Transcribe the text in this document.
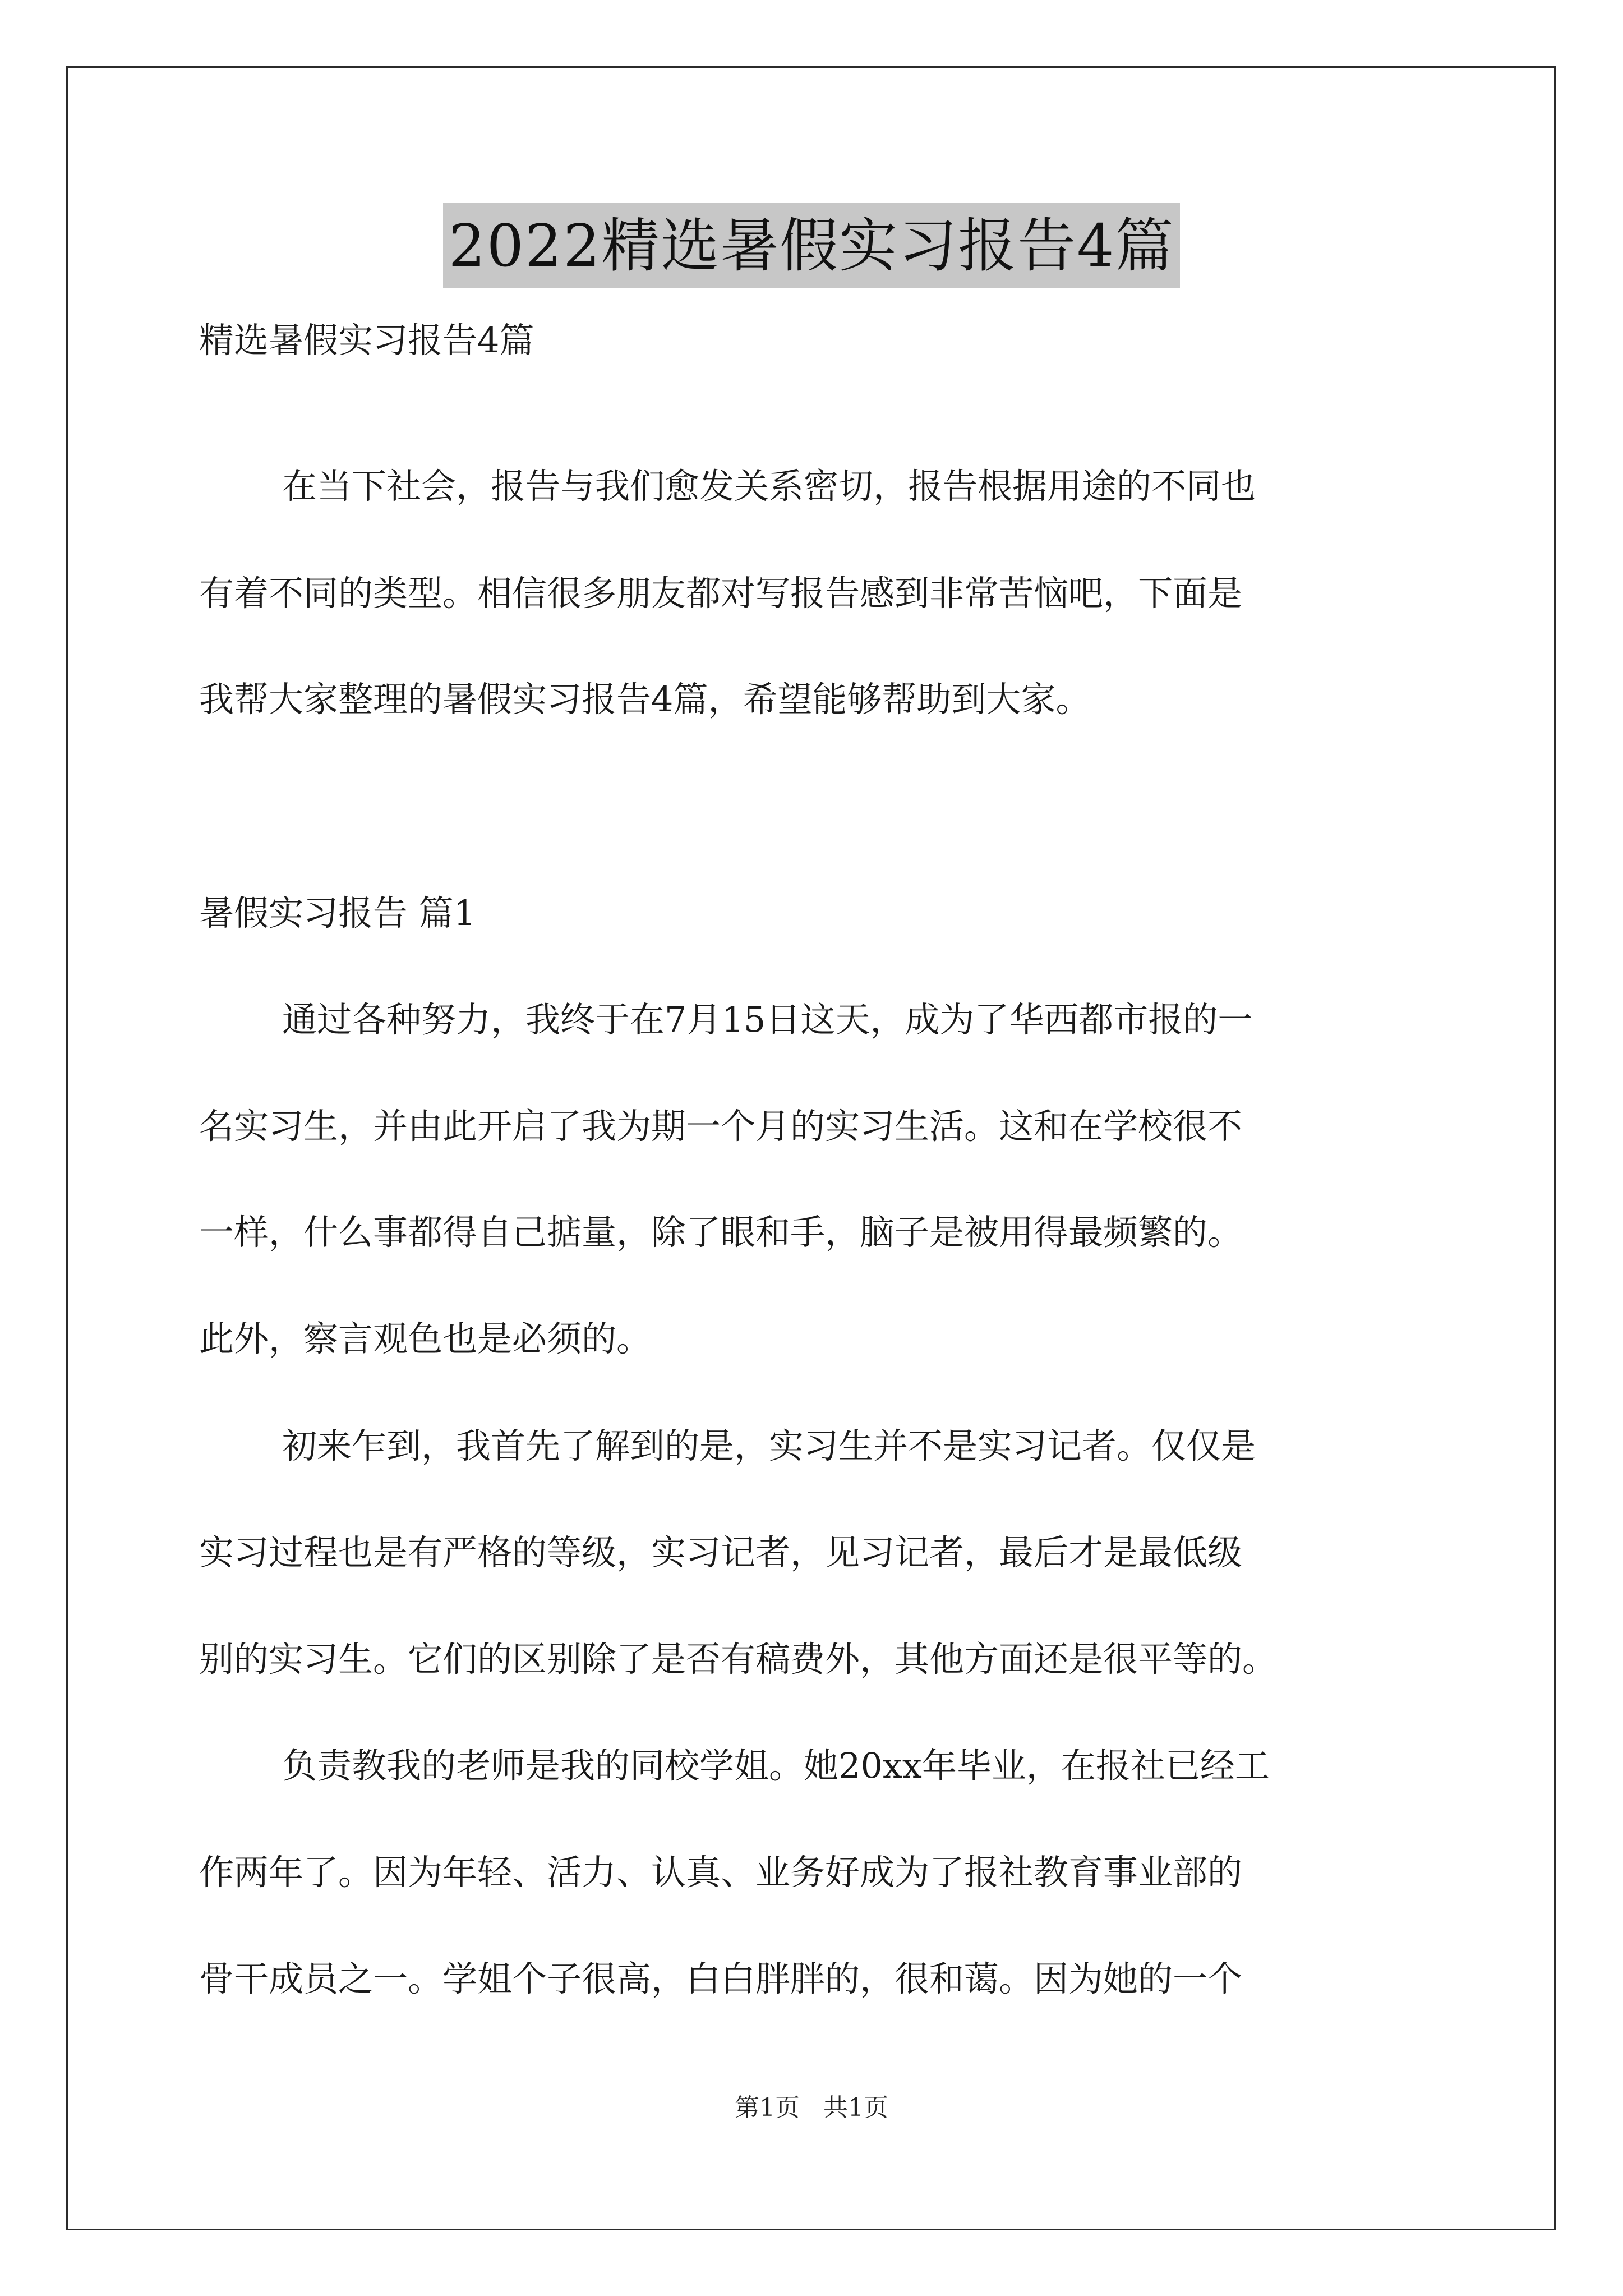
2022精选暑假实习报告4篇
精选暑假实习报告4篇
在当下社会，报告与我们愈发关系密切，报告根据用途的不同也
有着不同的类型。相信很多朋友都对写报告感到非常苦恼吧，下面是
我帮大家整理的暑假实习报告4篇，希望能够帮助到大家。
暑假实习报告 篇1
通过各种努力，我终于在7月15日这天，成为了华西都市报的一
名实习生，并由此开启了我为期一个月的实习生活。这和在学校很不
一样，什么事都得自己掂量，除了眼和手，脑子是被用得最频繁的。
此外，察言观色也是必须的。
初来乍到，我首先了解到的是，实习生并不是实习记者。仅仅是
实习过程也是有严格的等级，实习记者，见习记者，最后才是最低级
别的实习生。它们的区别除了是否有稿费外，其他方面还是很平等的。
负责教我的老师是我的同校学姐。她20xx年毕业，在报社已经工
作两年了。因为年轻、活力、认真、业务好成为了报社教育事业部的
骨干成员之一。学姐个子很高，白白胖胖的，很和蔼。因为她的一个
第1页 共1页
